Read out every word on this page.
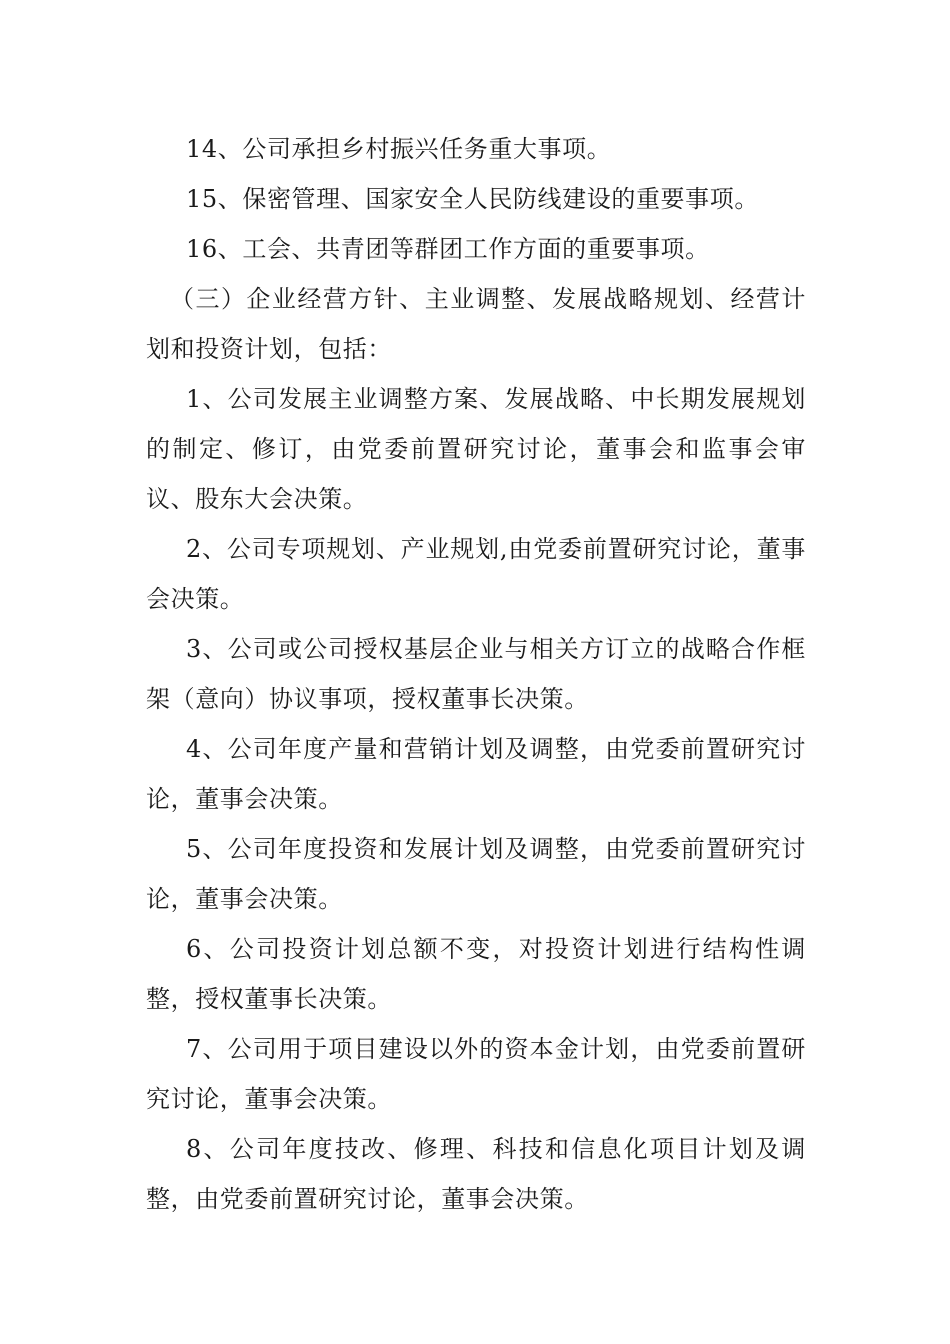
14、公司承担乡村振兴任务重大事项。

15、保密管理、国家安全人民防线建设的重要事项。

16、工会、共青团等群团工作方面的重要事项。

（三）企业经营方针、主业调整、发展战略规划、经营计划和投资计划，包括：

1、公司发展主业调整方案、发展战略、中长期发展规划的制定、修订，由党委前置研究讨论，董事会和监事会审议、股东大会决策。

2、公司专项规划、产业规划,由党委前置研究讨论，董事会决策。

3、公司或公司授权基层企业与相关方订立的战略合作框架（意向）协议事项，授权董事长决策。

4、公司年度产量和营销计划及调整，由党委前置研究讨论，董事会决策。

5、公司年度投资和发展计划及调整，由党委前置研究讨论，董事会决策。

6、公司投资计划总额不变，对投资计划进行结构性调整，授权董事长决策。

7、公司用于项目建设以外的资本金计划，由党委前置研究讨论，董事会决策。

8、公司年度技改、修理、科技和信息化项目计划及调整，由党委前置研究讨论，董事会决策。
